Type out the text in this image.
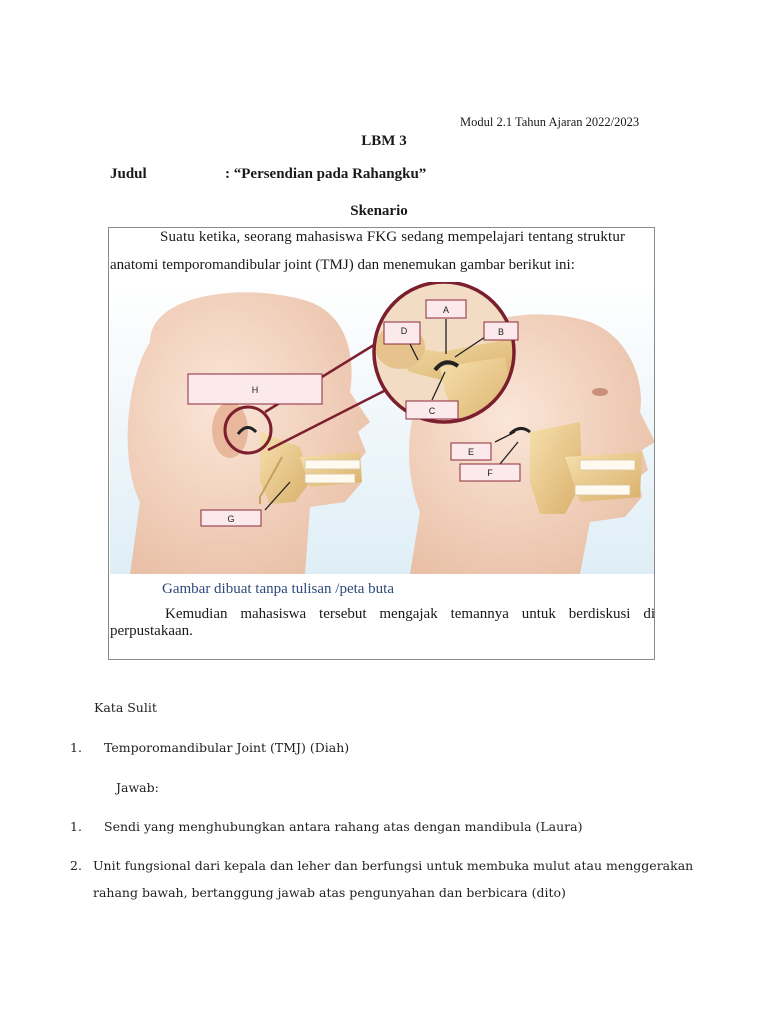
Modul 2.1 Tahun Ajaran 2022/2023
LBM 3
Judul	: “Persendian pada Rahangku”
Skenario
Suatu ketika, seorang mahasiswa FKG sedang mempelajari tentang struktur
anatomi temporomandibular joint (TMJ) dan menemukan gambar berikut ini:
A
B
D
C
E
F
G
H
Gambar dibuat tanpa tulisan /peta buta
Kemudian mahasiswa tersebut mengajak temannya untuk berdiskusi di
perpustakaan.
Kata Sulit
1. Temporomandibular Joint (TMJ) (Diah)
Jawab:
1. Sendi yang menghubungkan antara rahang atas dengan mandibula (Laura)
2. Unit fungsional dari kepala dan leher dan berfungsi untuk membuka mulut atau menggerakan
rahang bawah, bertanggung jawab atas pengunyahan dan berbicara (dito)
